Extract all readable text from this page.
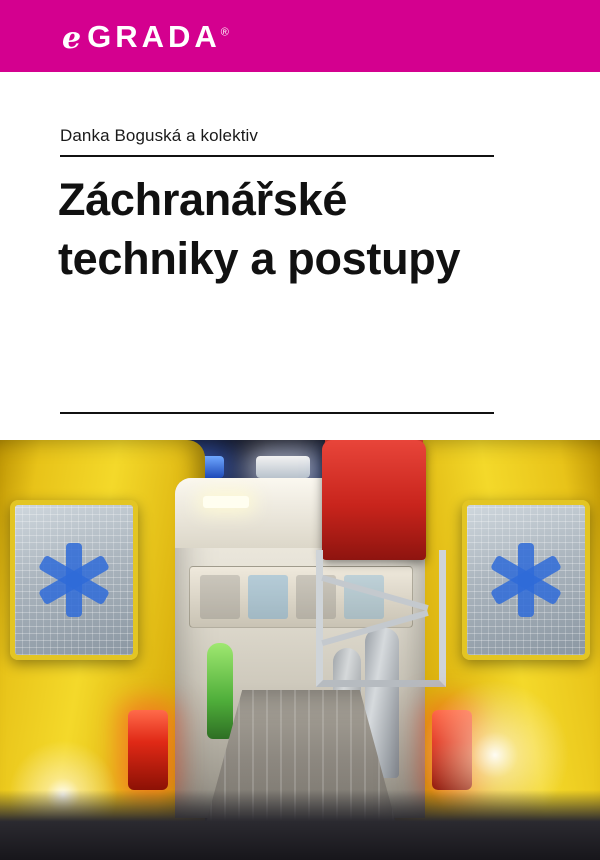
e GRADA®
Danka Boguská a kolektiv
Záchranářské
techniky a postupy
